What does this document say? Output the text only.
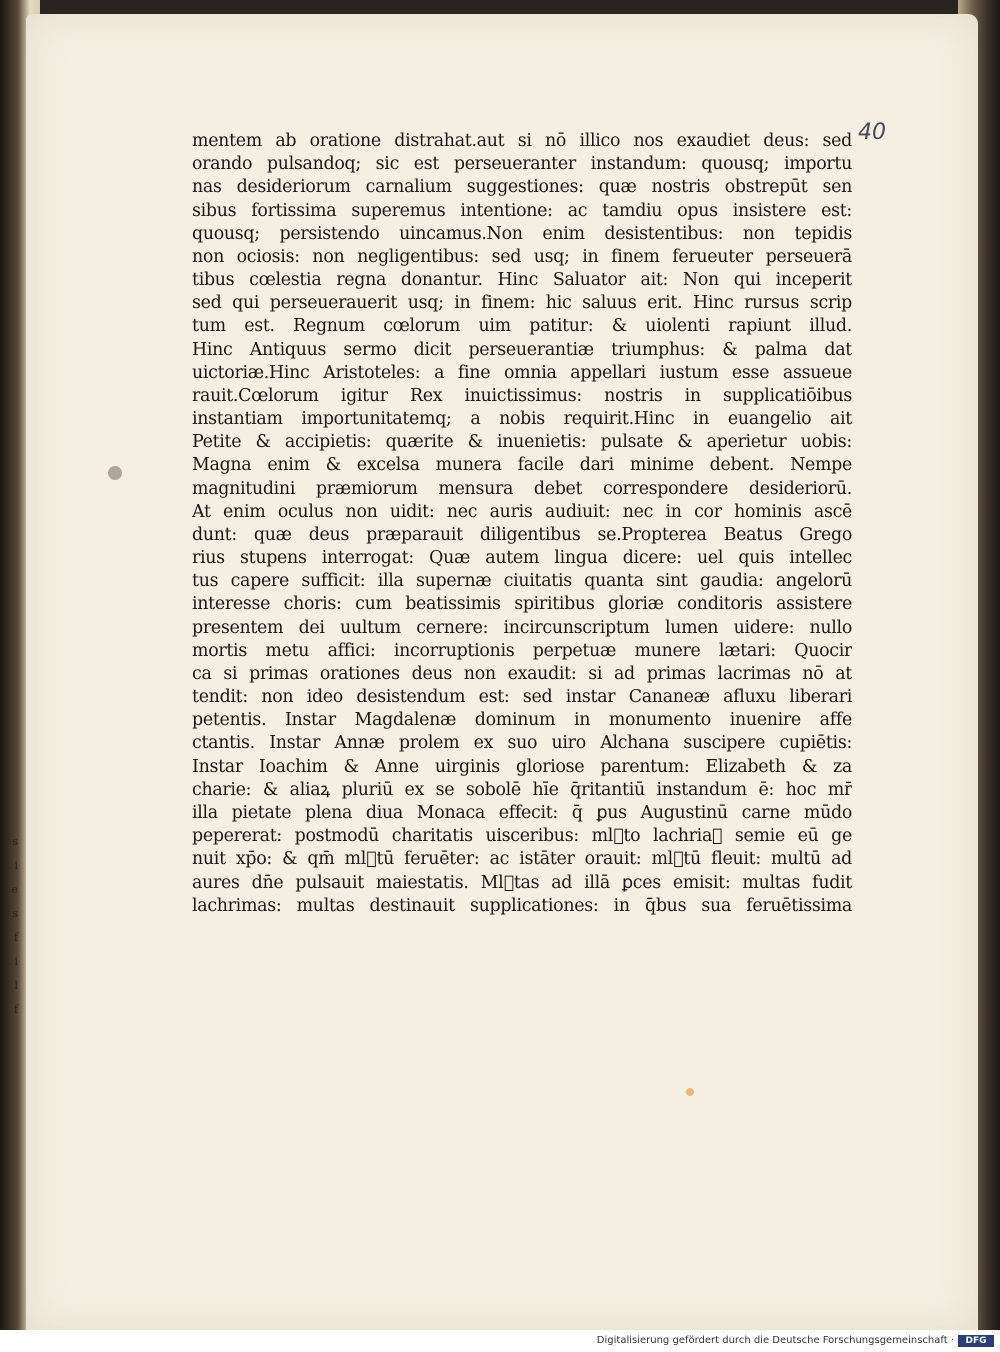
s
i
e
s
f
i
l
f
40
mentem ab oratione distrahat.aut si nō illico nos exaudiet deus: sed
orando pulsandoq; sic est perseueranter instandum: quousq; importu
nas desideriorum carnalium suggestiones: quæ nostris obstrepūt sen
sibus fortissima superemus intentione: ac tamdiu opus insistere est:
quousq; persistendo uincamus.Non enim desistentibus: non tepidis
non ociosis: non negligentibus: sed usq; in finem ferueuter perseuerā
tibus cœlestia regna donantur. Hinc Saluator ait: Non qui inceperit
sed qui perseuerauerit usq; in finem: hic saluus erit. Hinc rursus scrip
tum est. Regnum cœlorum uim patitur: & uiolenti rapiunt illud.
Hinc Antiquus sermo dicit perseuerantiæ triumphus: & palma dat
uictoriæ.Hinc Aristoteles: a fine omnia appellari iustum esse assueue
rauit.Cœlorum igitur Rex inuictissimus: nostris in supplicatiōibus
instantiam importunitatemq; a nobis requirit.Hinc in euangelio ait
Petite & accipietis: quærite & inuenietis: pulsate & aperietur uobis:
Magna enim & excelsa munera facile dari minime debent. Nempe
magnitudini præmiorum mensura debet correspondere desideriorū.
At enim oculus non uidit: nec auris audiuit: nec in cor hominis ascē
dunt: quæ deus præparauit diligentibus se.Propterea Beatus Grego
rius stupens interrogat: Quæ autem lingua dicere: uel quis intellec
tus capere sufficit: illa supernæ ciuitatis quanta sint gaudia: angelorū
interesse choris: cum beatissimis spiritibus gloriæ conditoris assistere
presentem dei uultum cernere: incircunscriptum lumen uidere: nullo
mortis metu affici: incorruptionis perpetuæ munere lætari: Quocir
ca si primas orationes deus non exaudit: si ad primas lacrimas nō at
tendit: non ideo desistendum est: sed instar Cananeæ afluxu liberari
petentis. Instar Magdalenæ dominum in monumento inuenire affe
ctantis. Instar Annæ prolem ex suo uiro Alchana suscipere cupiētis:
Instar Ioachim & Anne uirginis gloriose parentum: Elizabeth & za
charie: & aliaꝝ pluriū ex se sobolē hīe q̄ritantiū instandum ē: hoc mr̄
illa pietate plena diua Monaca effecit: q̄ ꝑus Augustinū carne mūdo
pepererat: postmodū charitatis uisceribus: mlᷣto lachriaꝝ semie eū ge
nuit xp̄o: & qm̄ mlᷣtū feruēter: ac istāter orauit: mlᷣtū fleuit: multū ad
aures dn̄e pulsauit maiestatis. Mlᷣtas ad illā ꝑces emisit: multas fudit
lachrimas: multas destinauit supplicationes: in q̄bus sua feruētissima
Digitalisierung gefördert durch die Deutsche Forschungsgemeinschaft ·	DFG
